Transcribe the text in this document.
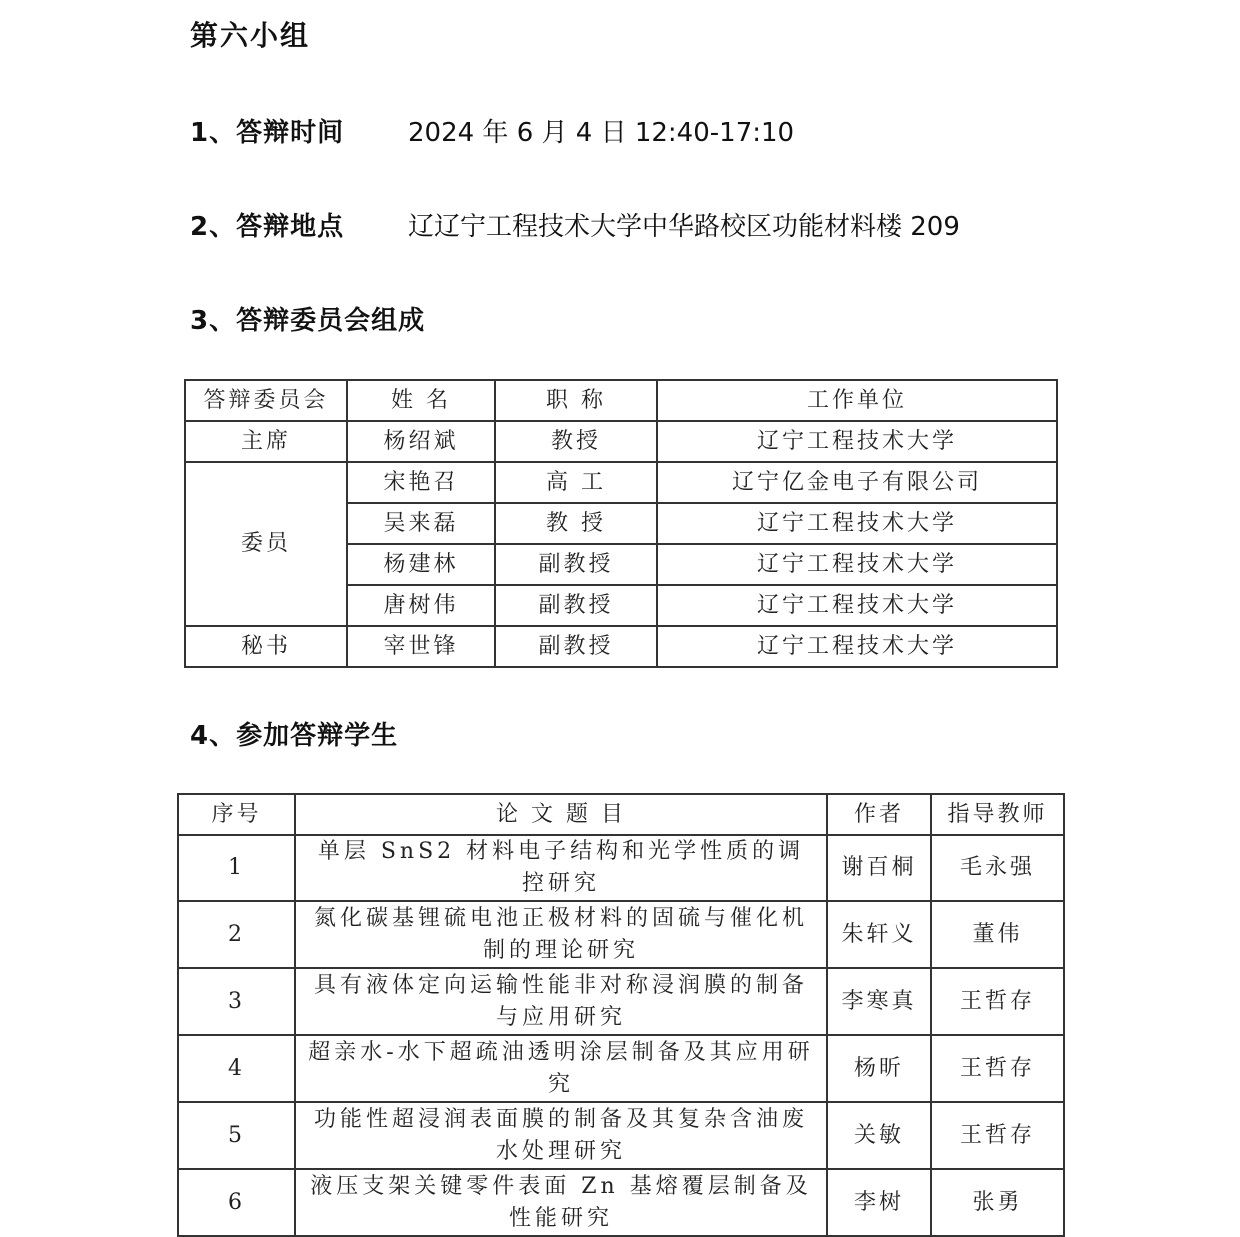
第六小组
1、答辩时间 2024 年 6 月 4 日 12:40-17:10
2、答辩地点 辽辽宁工程技术大学中华路校区功能材料楼 209
3、答辩委员会组成
答辩委员会	姓 名	职 称	工作单位
主席	杨绍斌	教授	辽宁工程技术大学
委员	宋艳召	高 工	辽宁亿金电子有限公司
	吴来磊	教 授	辽宁工程技术大学
	杨建林	副教授	辽宁工程技术大学
	唐树伟	副教授	辽宁工程技术大学
秘书	宰世锋	副教授	辽宁工程技术大学
4、参加答辩学生
序号	论 文 题 目	作者	指导教师
1	单层 SnS2 材料电子结构和光学性质的调控研究	谢百桐	毛永强
2	氮化碳基锂硫电池正极材料的固硫与催化机制的理论研究	朱轩义	董伟
3	具有液体定向运输性能非对称浸润膜的制备与应用研究	李寒真	王哲存
4	超亲水-水下超疏油透明涂层制备及其应用研究	杨昕	王哲存
5	功能性超浸润表面膜的制备及其复杂含油废水处理研究	关敏	王哲存
6	液压支架关键零件表面 Zn 基熔覆层制备及性能研究	李树	张勇
